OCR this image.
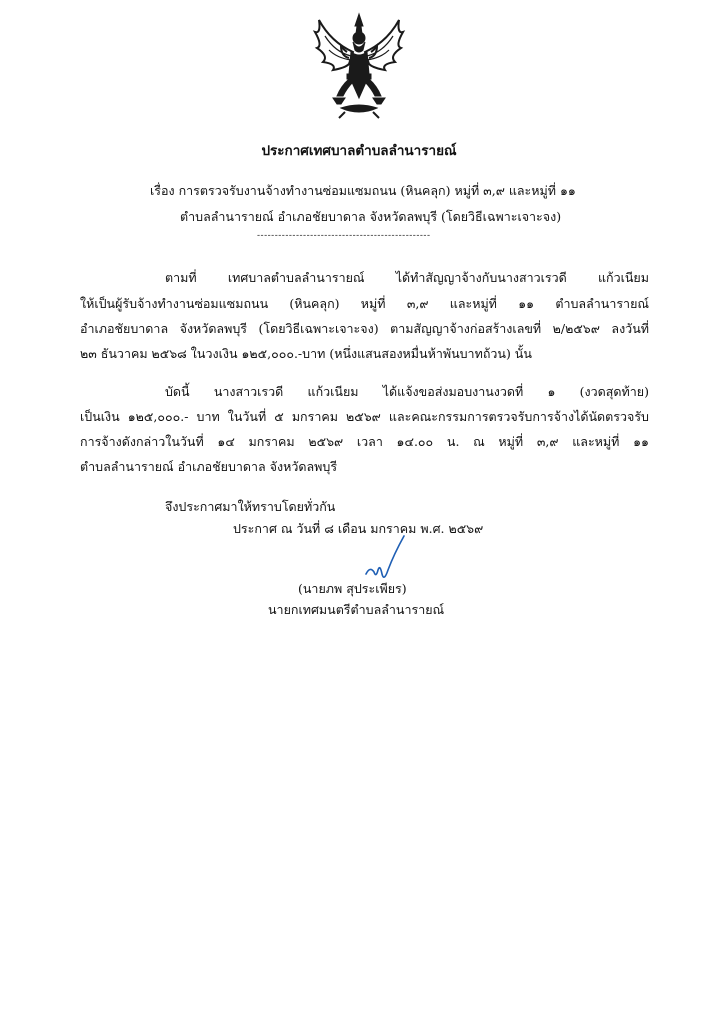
ประกาศเทศบาลตำบลลำนารายณ์
เรื่อง การตรวจรับงานจ้างทำงานซ่อมแซมถนน (หินคลุก) หมู่ที่ ๓,๙ และหมู่ที่ ๑๑
ตำบลลำนารายณ์ อำเภอชัยบาดาล จังหวัดลพบุรี (โดยวิธีเฉพาะเจาะจง)
-------------------------------------------------
ตามที่ เทศบาลตำบลลำนารายณ์ ได้ทำสัญญาจ้างกับนางสาวเรวดี แก้วเนียม
ให้เป็นผู้รับจ้างทำงานซ่อมแซมถนน (หินคลุก) หมู่ที่ ๓,๙ และหมู่ที่ ๑๑ ตำบลลำนารายณ์
อำเภอชัยบาดาล จังหวัดลพบุรี (โดยวิธีเฉพาะเจาะจง) ตามสัญญาจ้างก่อสร้างเลขที่ ๒/๒๕๖๙ ลงวันที่
๒๓ ธันวาคม ๒๕๖๘ ในวงเงิน ๑๒๕,๐๐๐.-บาท (หนึ่งแสนสองหมื่นห้าพันบาทถ้วน) นั้น
บัดนี้ นางสาวเรวดี แก้วเนียม ได้แจ้งขอส่งมอบงานงวดที่ ๑ (งวดสุดท้าย)
เป็นเงิน ๑๒๕,๐๐๐.- บาท ในวันที่ ๕ มกราคม ๒๕๖๙ และคณะกรรมการตรวจรับการจ้างได้นัดตรวจรับ
การจ้างดังกล่าวในวันที่ ๑๔ มกราคม ๒๕๖๙ เวลา ๑๔.๐๐ น. ณ หมู่ที่ ๓,๙ และหมู่ที่ ๑๑
ตำบลลำนารายณ์ อำเภอชัยบาดาล จังหวัดลพบุรี
จึงประกาศมาให้ทราบโดยทั่วกัน
ประกาศ ณ วันที่ ๘ เดือน มกราคม พ.ศ. ๒๕๖๙
(นายภพ สุประเพียร)
นายกเทศมนตรีตำบลลำนารายณ์
